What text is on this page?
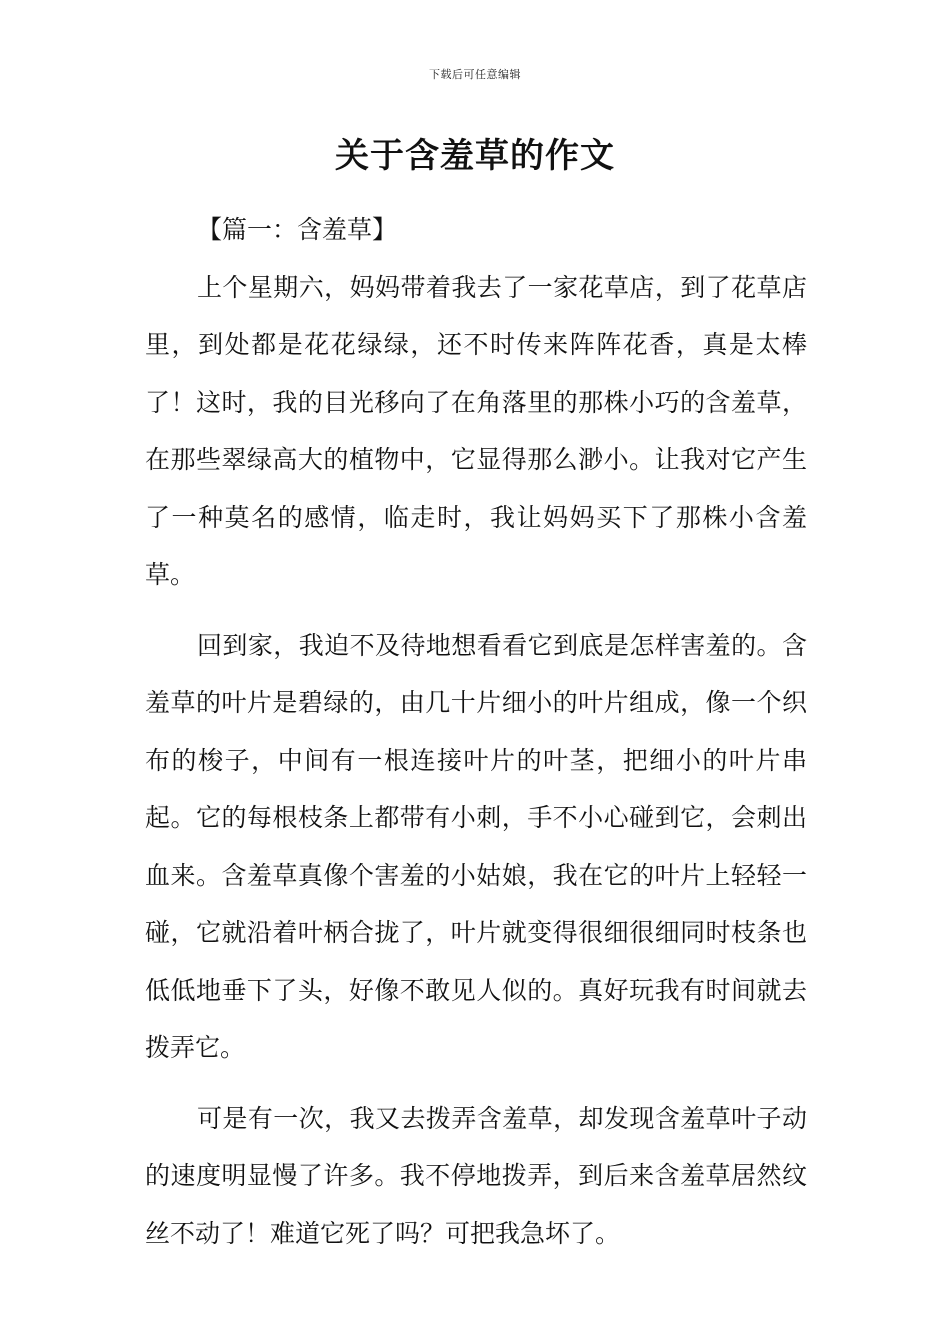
下载后可任意编辑
关于含羞草的作文

【篇一：含羞草】

上个星期六，妈妈带着我去了一家花草店，到了花草店里，到处都是花花绿绿，还不时传来阵阵花香，真是太棒了！这时，我的目光移向了在角落里的那株小巧的含羞草，在那些翠绿高大的植物中，它显得那么渺小。让我对它产生了一种莫名的感情，临走时，我让妈妈买下了那株小含羞草。

回到家，我迫不及待地想看看它到底是怎样害羞的。含羞草的叶片是碧绿的，由几十片细小的叶片组成，像一个织布的梭子，中间有一根连接叶片的叶茎，把细小的叶片串起。它的每根枝条上都带有小刺，手不小心碰到它，会刺出血来。含羞草真像个害羞的小姑娘，我在它的叶片上轻轻一碰，它就沿着叶柄合拢了，叶片就变得很细很细同时枝条也低低地垂下了头，好像不敢见人似的。真好玩我有时间就去拨弄它。

可是有一次，我又去拨弄含羞草，却发现含羞草叶子动的速度明显慢了许多。我不停地拨弄，到后来含羞草居然纹丝不动了！难道它死了吗？可把我急坏了。
